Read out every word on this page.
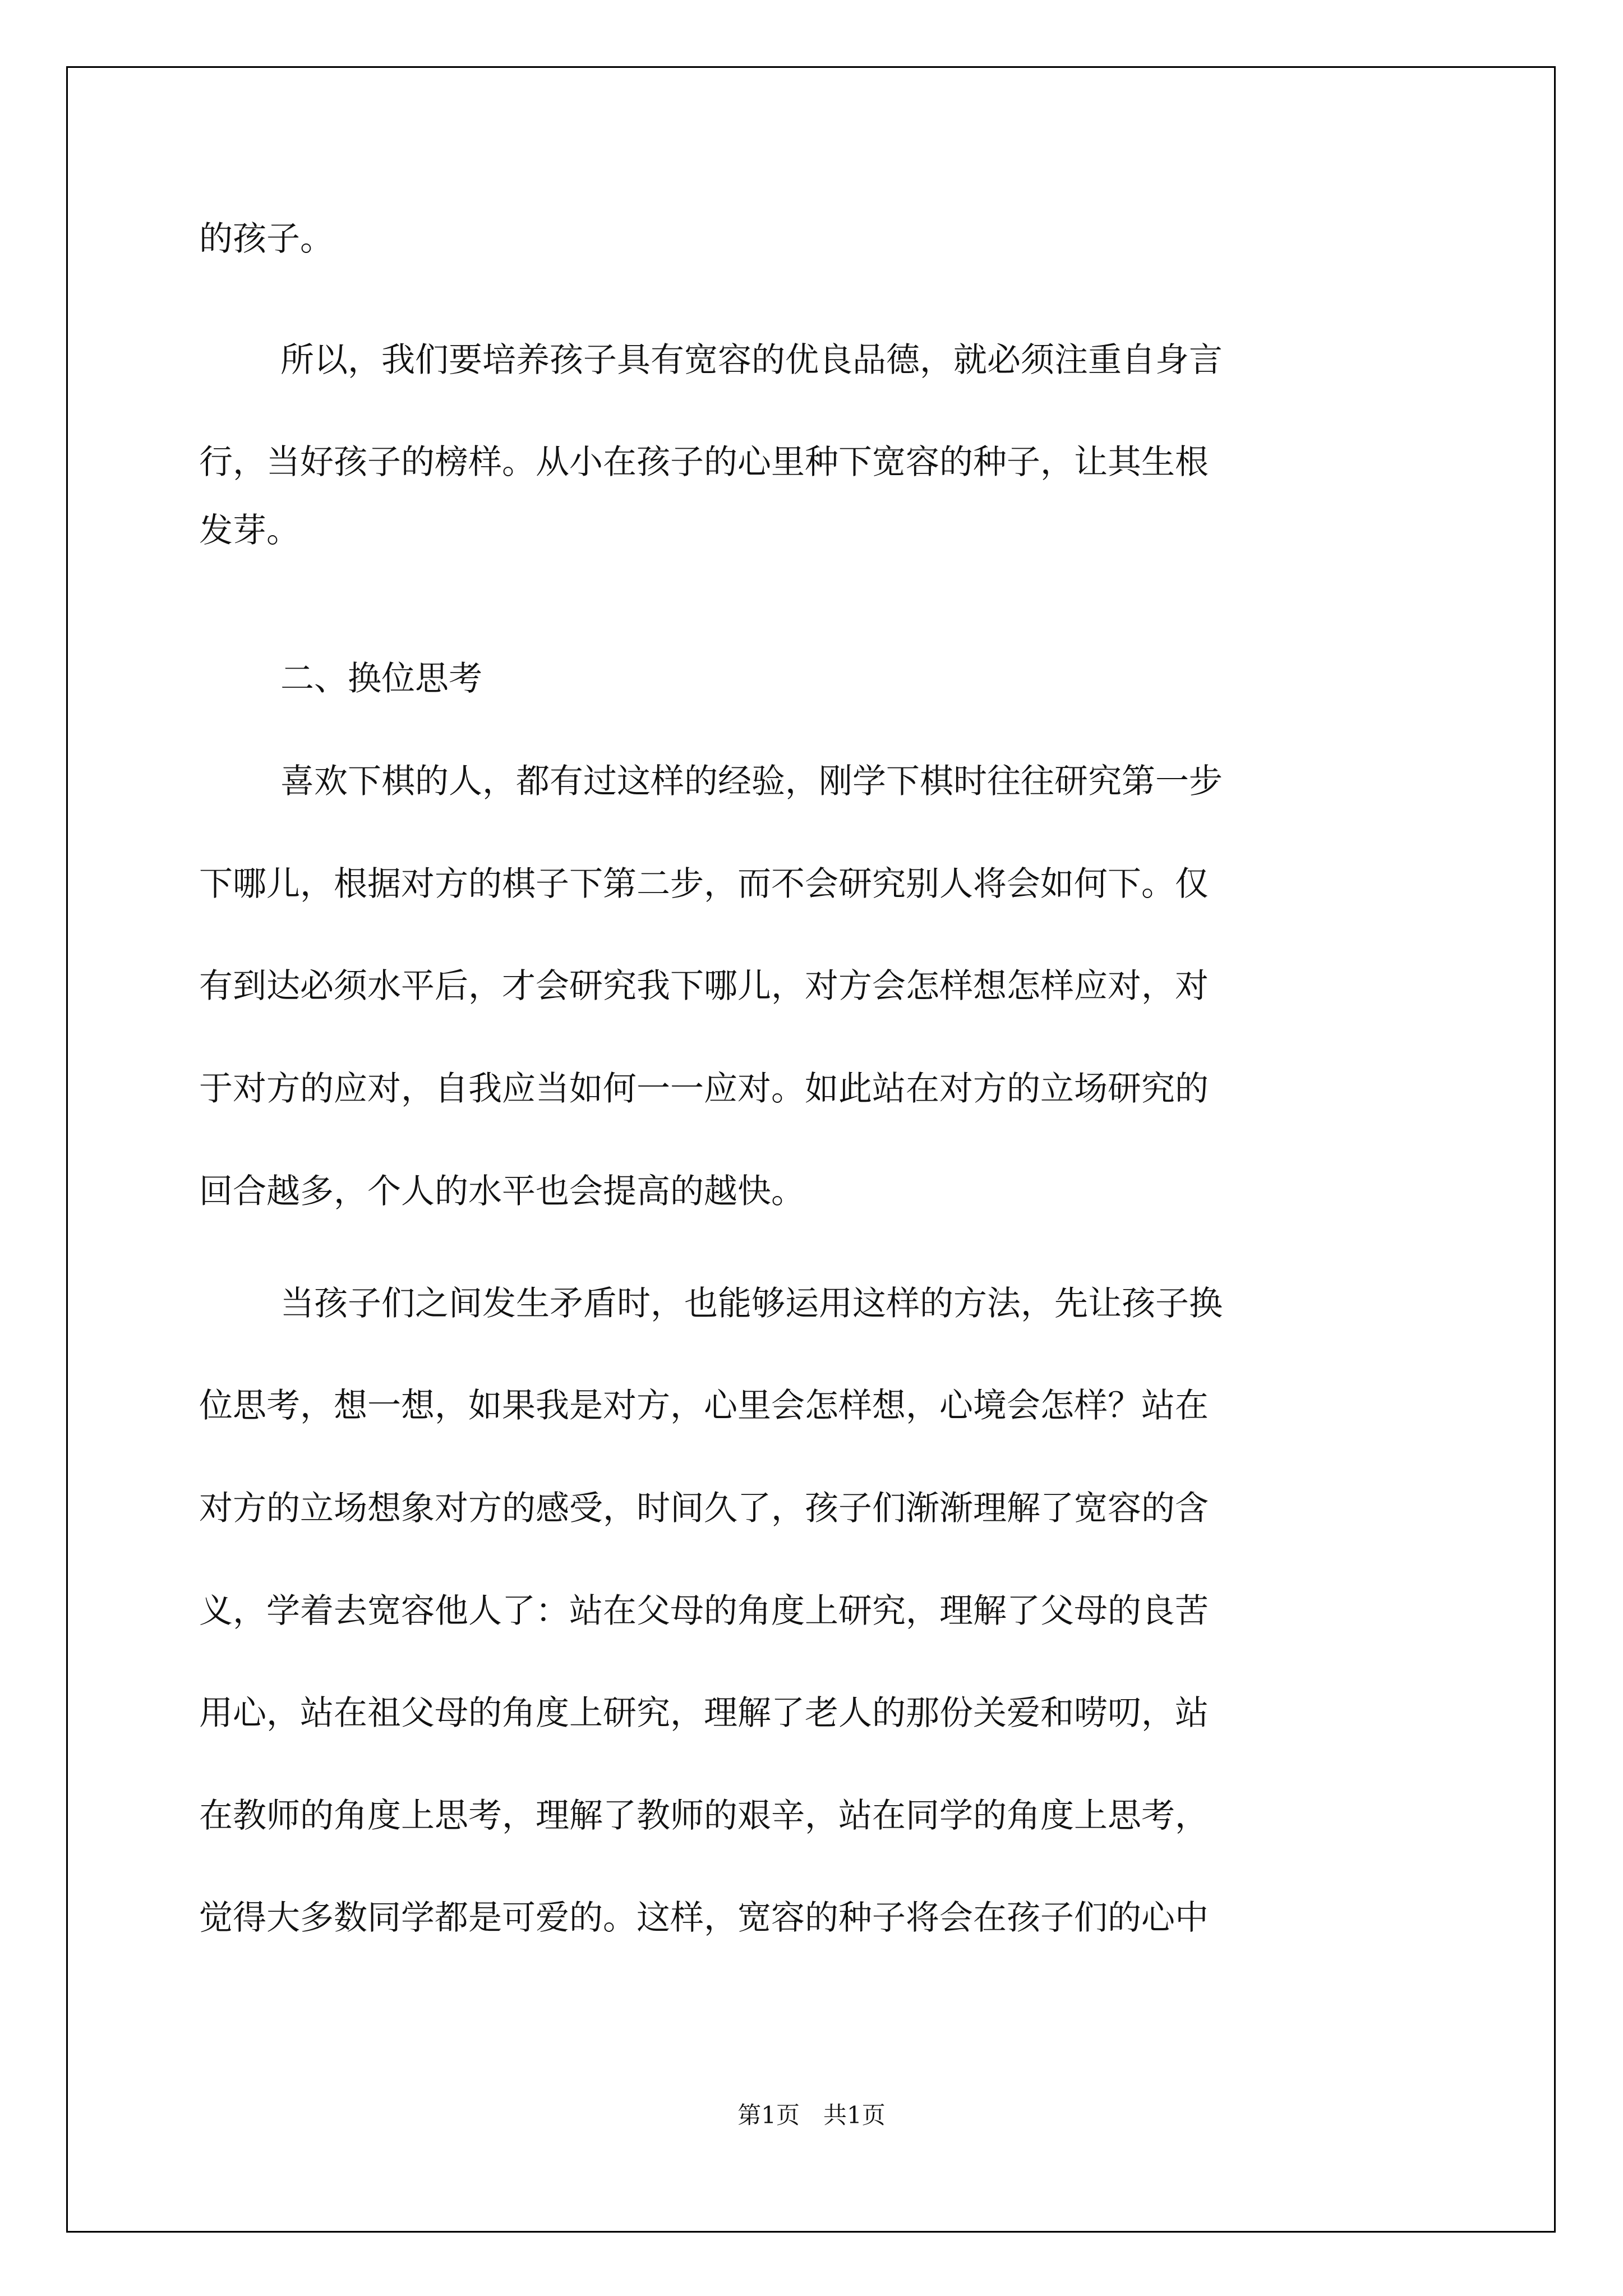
的孩子。

所以，我们要培养孩子具有宽容的优良品德，就必须注重自身言

行，当好孩子的榜样。从小在孩子的心里种下宽容的种子，让其生根

发芽。

二、换位思考

喜欢下棋的人，都有过这样的经验，刚学下棋时往往研究第一步

下哪儿，根据对方的棋子下第二步，而不会研究别人将会如何下。仅

有到达必须水平后，才会研究我下哪儿，对方会怎样想怎样应对，对

于对方的应对，自我应当如何一一应对。如此站在对方的立场研究的

回合越多，个人的水平也会提高的越快。

当孩子们之间发生矛盾时，也能够运用这样的方法，先让孩子换

位思考，想一想，如果我是对方，心里会怎样想，心境会怎样？站在

对方的立场想象对方的感受，时间久了，孩子们渐渐理解了宽容的含

义，学着去宽容他人了：站在父母的角度上研究，理解了父母的良苦

用心，站在祖父母的角度上研究，理解了老人的那份关爱和唠叨，站

在教师的角度上思考，理解了教师的艰辛，站在同学的角度上思考，

觉得大多数同学都是可爱的。这样，宽容的种子将会在孩子们的心中

第1页　共1页
